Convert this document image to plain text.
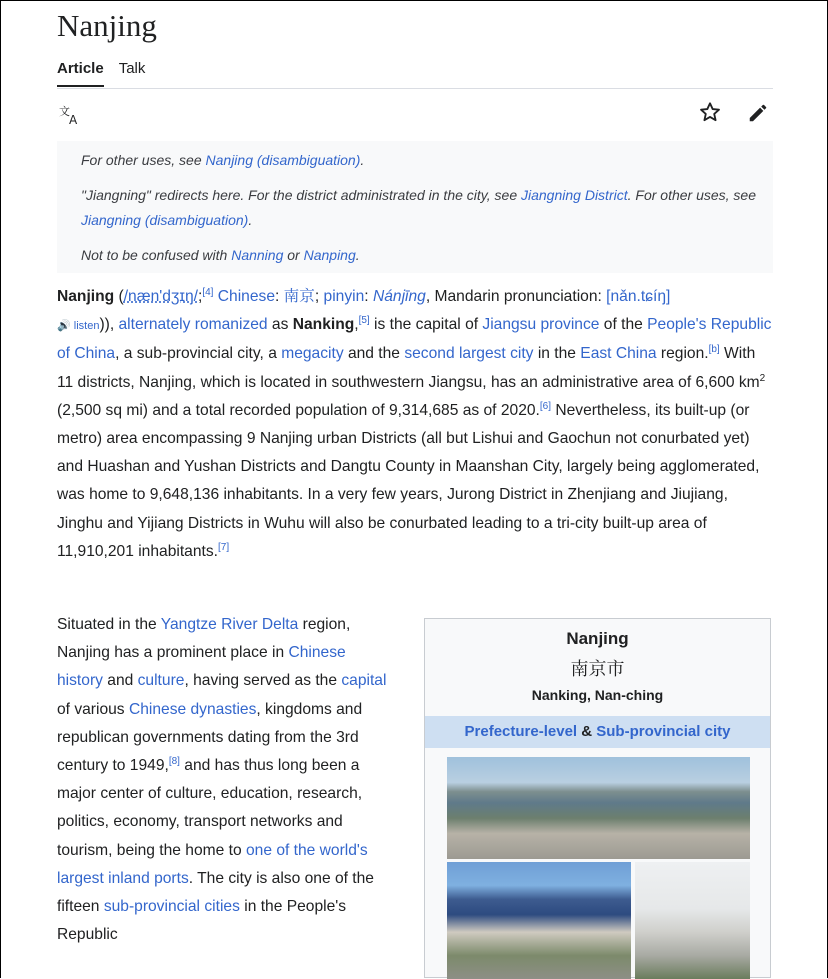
Nanjing
Article Talk
文
A
For other uses, see Nanjing (disambiguation).
"Jiangning" redirects here. For the district administrated in the city, see Jiangning District. For other uses, see Jiangning (disambiguation).
Not to be confused with Nanning or Nanping.
Nanjing (/næn'dʒɪŋ/;[4] Chinese: 南京; pinyin: Nánjīng, Mandarin pronunciation: [nǎn.tɕíŋ]
🔊 listen)), alternately romanized as Nanking,[5] is the capital of Jiangsu province of the People's Republic of China, a sub-provincial city, a megacity and the second largest city in the East China region.[b] With 11 districts, Nanjing, which is located in southwestern Jiangsu, has an administrative area of 6,600 $km^2$ (2,500 sq mi) and a total recorded population of 9,314,685 as of 2020.[6] Nevertheless, its built-up (or metro) area encompassing 9 Nanjing urban Districts (all but Lishui and Gaochun not conurbated yet) and Huashan and Yushan Districts and Dangtu County in Maanshan City, largely being agglomerated, was home to 9,648,136 inhabitants. In a very few years, Jurong District in Zhenjiang and Jiujiang, Jinghu and Yijiang Districts in Wuhu will also be conurbated leading to a tri-city built-up area of 11,910,201 inhabitants.[7]
Situated in the Yangtze River Delta region, Nanjing has a prominent place in Chinese history and culture, having served as the capital of various Chinese dynasties, kingdoms and republican governments dating from the 3rd century to 1949,[8] and has thus long been a major center of culture, education, research, politics, economy, transport networks and tourism, being the home to one of the world's largest inland ports. The city is also one of the fifteen sub-provincial cities in the People's Republic
Nanjing
南京市
Nanking, Nan-ching
Prefecture-level & Sub-provincial city
